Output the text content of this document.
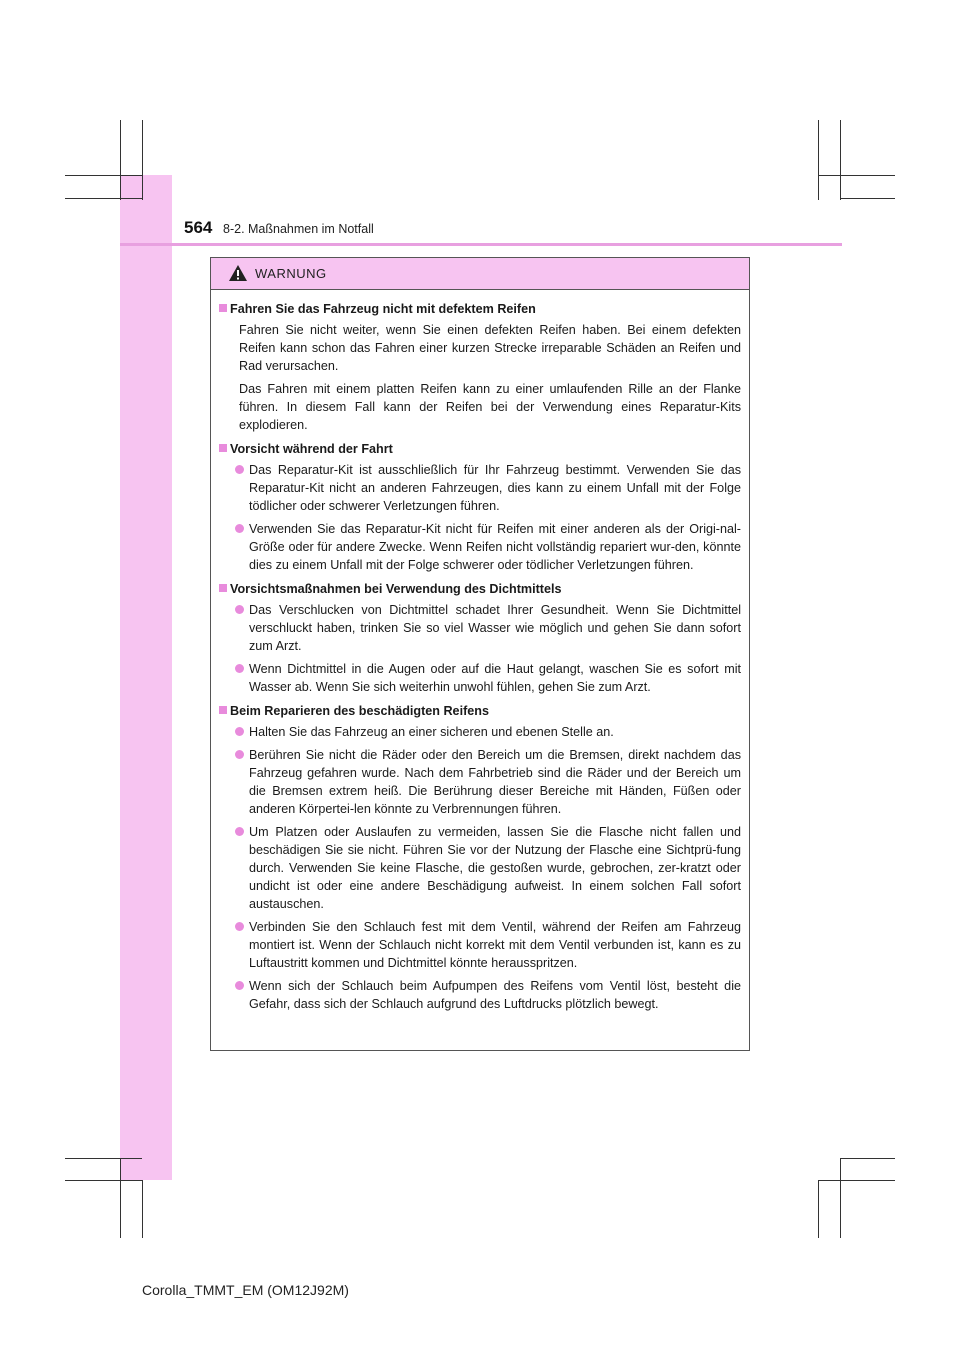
564 8-2. Maßnahmen im Notfall
WARNUNG
Fahren Sie das Fahrzeug nicht mit defektem Reifen

Fahren Sie nicht weiter, wenn Sie einen defekten Reifen haben. Bei einem defekten Reifen kann schon das Fahren einer kurzen Strecke irreparable Schäden an Reifen und Rad verursachen.

Das Fahren mit einem platten Reifen kann zu einer umlaufenden Rille an der Flanke führen. In diesem Fall kann der Reifen bei der Verwendung eines Reparatur-Kits explodieren.

Vorsicht während der Fahrt
Das Reparatur-Kit ist ausschließlich für Ihr Fahrzeug bestimmt. Verwenden Sie das Reparatur-Kit nicht an anderen Fahrzeugen, dies kann zu einem Unfall mit der Folge tödlicher oder schwerer Verletzungen führen.
Verwenden Sie das Reparatur-Kit nicht für Reifen mit einer anderen als der Origi-nal-Größe oder für andere Zwecke. Wenn Reifen nicht vollständig repariert wur-den, könnte dies zu einem Unfall mit der Folge schwerer oder tödlicher Verletzungen führen.
Vorsichtsmaßnahmen bei Verwendung des Dichtmittels
Das Verschlucken von Dichtmittel schadet Ihrer Gesundheit. Wenn Sie Dichtmittel verschluckt haben, trinken Sie so viel Wasser wie möglich und gehen Sie dann sofort zum Arzt.
Wenn Dichtmittel in die Augen oder auf die Haut gelangt, waschen Sie es sofort mit Wasser ab. Wenn Sie sich weiterhin unwohl fühlen, gehen Sie zum Arzt.
Beim Reparieren des beschädigten Reifens
Halten Sie das Fahrzeug an einer sicheren und ebenen Stelle an.
Berühren Sie nicht die Räder oder den Bereich um die Bremsen, direkt nachdem das Fahrzeug gefahren wurde. Nach dem Fahrbetrieb sind die Räder und der Bereich um die Bremsen extrem heiß. Die Berührung dieser Bereiche mit Händen, Füßen oder anderen Körpertei-len könnte zu Verbrennungen führen.
Um Platzen oder Auslaufen zu vermeiden, lassen Sie die Flasche nicht fallen und beschädigen Sie sie nicht. Führen Sie vor der Nutzung der Flasche eine Sichtprü-fung durch. Verwenden Sie keine Flasche, die gestoßen wurde, gebrochen, zer-kratzt oder undicht ist oder eine andere Beschädigung aufweist. In einem solchen Fall sofort austauschen.
Verbinden Sie den Schlauch fest mit dem Ventil, während der Reifen am Fahrzeug montiert ist. Wenn der Schlauch nicht korrekt mit dem Ventil verbunden ist, kann es zu Luftaustritt kommen und Dichtmittel könnte herausspritzen.
Wenn sich der Schlauch beim Aufpumpen des Reifens vom Ventil löst, besteht die Gefahr, dass sich der Schlauch aufgrund des Luftdrucks plötzlich bewegt.
Corolla_TMMT_EM (OM12J92M)
